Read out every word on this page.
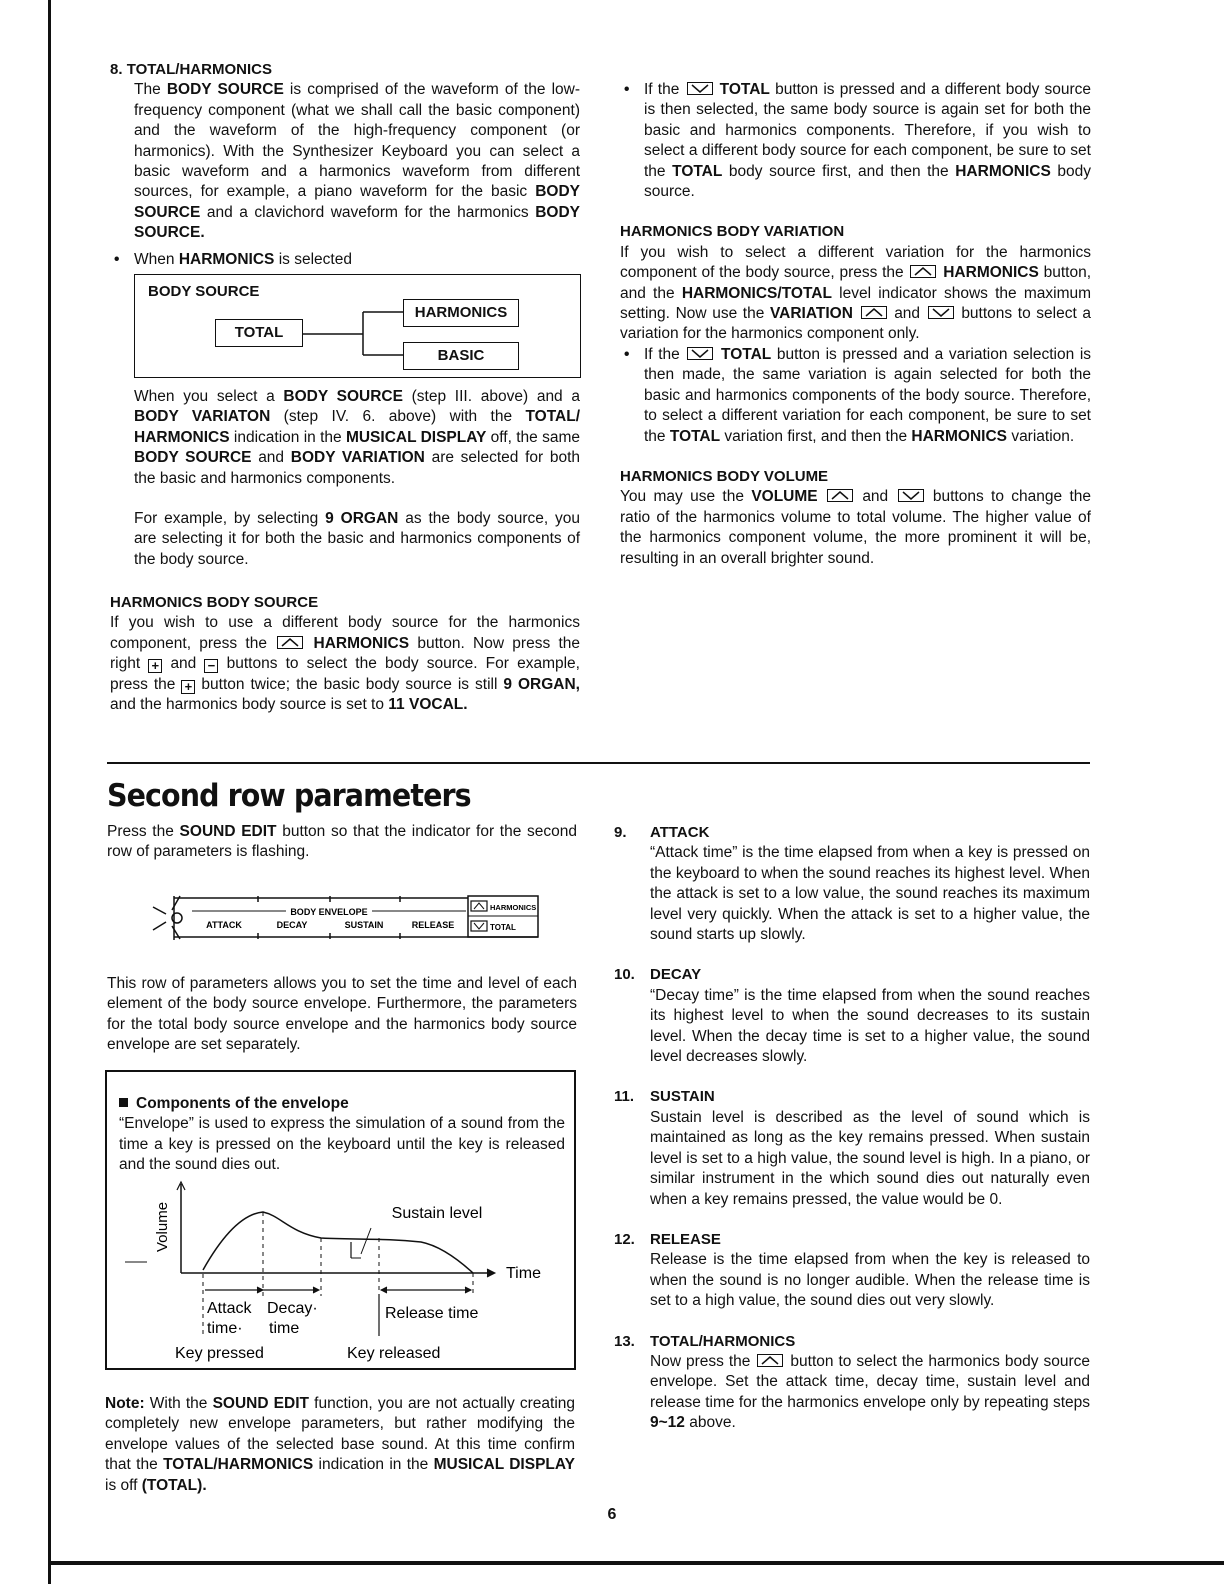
8. TOTAL/HARMONICS

The BODY SOURCE is comprised of the waveform of the low-frequency component (what we shall call the basic component) and the waveform of the high-frequency component (or harmonics). With the Synthesizer Keyboard you can select a basic waveform and a harmonics waveform from different sources, for example, a piano waveform for the basic BODY SOURCE and a clavichord waveform for the harmonics BODY SOURCE.

• When HARMONICS is selected

BODY SOURCE
TOTAL
HARMONICS
BASIC

When you select a BODY SOURCE (step III. above) and a BODY VARIATON (step IV. 6. above) with the TOTAL/ HARMONICS indication in the MUSICAL DISPLAY off, the same BODY SOURCE and BODY VARIATION are selected for both the basic and harmonics components.

For example, by selecting 9 ORGAN as the body source, you are selecting it for both the basic and harmonics components of the body source.

HARMONICS BODY SOURCE

If you wish to use a different body source for the harmonics component, press the	HARMONICS button. Now press the right + and − buttons to select the body source. For example, press the + button twice; the basic body source is still 9 ORGAN, and the harmonics body source is set to 11 VOCAL.

• If the	TOTAL button is pressed and a different body source is then selected, the same body source is again set for both the basic and harmonics components. Therefore, if you wish to select a different body source for each component, be sure to set the TOTAL body source first, and then the HARMONICS body source.

HARMONICS BODY VARIATION

If you wish to select a different variation for the harmonics component of the body source, press the	HARMONICS button, and the HARMONICS/TOTAL level indicator shows the maximum setting. Now use the VARIATION	and	buttons to select a variation for the harmonics component only.

• If the	TOTAL button is pressed and a variation selection is then made, the same variation is again selected for both the basic and harmonics components of the body source. Therefore, to select a different variation for each component, be sure to set the TOTAL variation first, and then the HARMONICS variation.

HARMONICS BODY VOLUME

You may use the VOLUME	and	buttons to change the ratio of the harmonics volume to total volume. The higher value of the harmonics component volume, the more prominent it will be, resulting in an overall brighter sound.

Second row parameters

Press the SOUND EDIT button so that the indicator for the second row of parameters is flashing.

BODY ENVELOPE
ATTACK	DECAY	SUSTAIN	RELEASE
HARMONICS
TOTAL

This row of parameters allows you to set the time and level of each element of the body source envelope. Furthermore, the parameters for the total body source envelope and the harmonics body source envelope are set separately.

Components of the envelope

“Envelope” is used to express the simulation of a sound from the time a key is pressed on the keyboard until the key is released and the sound dies out.

Volume	Sustain level
Time
Attack time·
Decay· time
Release time
Key pressed	Key released

Note: With the SOUND EDIT function, you are not actually creating completely new envelope parameters, but rather modifying the envelope values of the selected base sound. At this time confirm that the TOTAL/HARMONICS indication in the MUSICAL DISPLAY is off (TOTAL).

9. ATTACK

“Attack time” is the time elapsed from when a key is pressed on the keyboard to when the sound reaches its highest level. When the attack is set to a low value, the sound reaches its maximum level very quickly. When the attack is set to a higher value, the sound starts up slowly.

10. DECAY

“Decay time” is the time elapsed from when the sound reaches its highest level to when the sound decreases to its sustain level. When the decay time is set to a higher value, the sound level decreases slowly.

11. SUSTAIN

Sustain level is described as the level of sound which is maintained as long as the key remains pressed. When sustain level is set to a high value, the sound level is high. In a piano, or similar instrument in the which sound dies out naturally even when a key remains pressed, the value would be 0.

12. RELEASE

Release is the time elapsed from when the key is released to when the sound is no longer audible. When the release time is set to a high value, the sound dies out very slowly.

13. TOTAL/HARMONICS

Now press the	button to select the harmonics body source envelope. Set the attack time, decay time, sustain level and release time for the harmonics envelope only by repeating steps 9~12 above.

6
